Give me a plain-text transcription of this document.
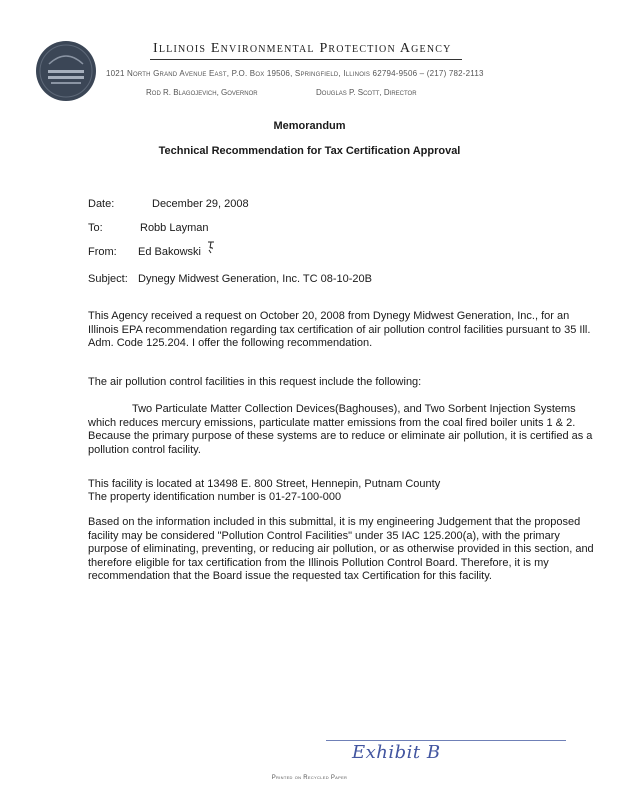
Illinois Environmental Protection Agency
1021 North Grand Avenue East, P.O. Box 19506, Springfield, Illinois 62794-9506 – (217) 782-2113
Rod R. Blagojevich, Governor	Douglas P. Scott, Director
Memorandum
Technical Recommendation for Tax Certification Approval
Date:	December 29, 2008
To:	Robb Layman
From: Ed Bakowski
Subject: Dynegy Midwest Generation, Inc. TC 08-10-20B
This Agency received a request on October 20, 2008 from Dynegy Midwest Generation, Inc., for an Illinois EPA recommendation regarding tax certification of air pollution control facilities pursuant to 35 Ill. Adm. Code 125.204. I offer the following recommendation.
The air pollution control facilities in this request include the following:
Two Particulate Matter Collection Devices(Baghouses), and Two Sorbent Injection Systems which reduces mercury emissions, particulate matter emissions from the coal fired boiler units 1 & 2. Because the primary purpose of these systems are to reduce or eliminate air pollution, it is certified as a pollution control facility.
This facility is located at 13498 E. 800 Street, Hennepin, Putnam County
The property identification number is 01-27-100-000
Based on the information included in this submittal, it is my engineering Judgement that the proposed facility may be considered "Pollution Control Facilities" under 35 IAC 125.200(a), with the primary purpose of eliminating, preventing, or reducing air pollution, or as otherwise provided in this section, and therefore eligible for tax certification from the Illinois Pollution Control Board. Therefore, it is my recommendation that the Board issue the requested tax Certification for this facility.
Exhibit B
Printed on Recycled Paper
